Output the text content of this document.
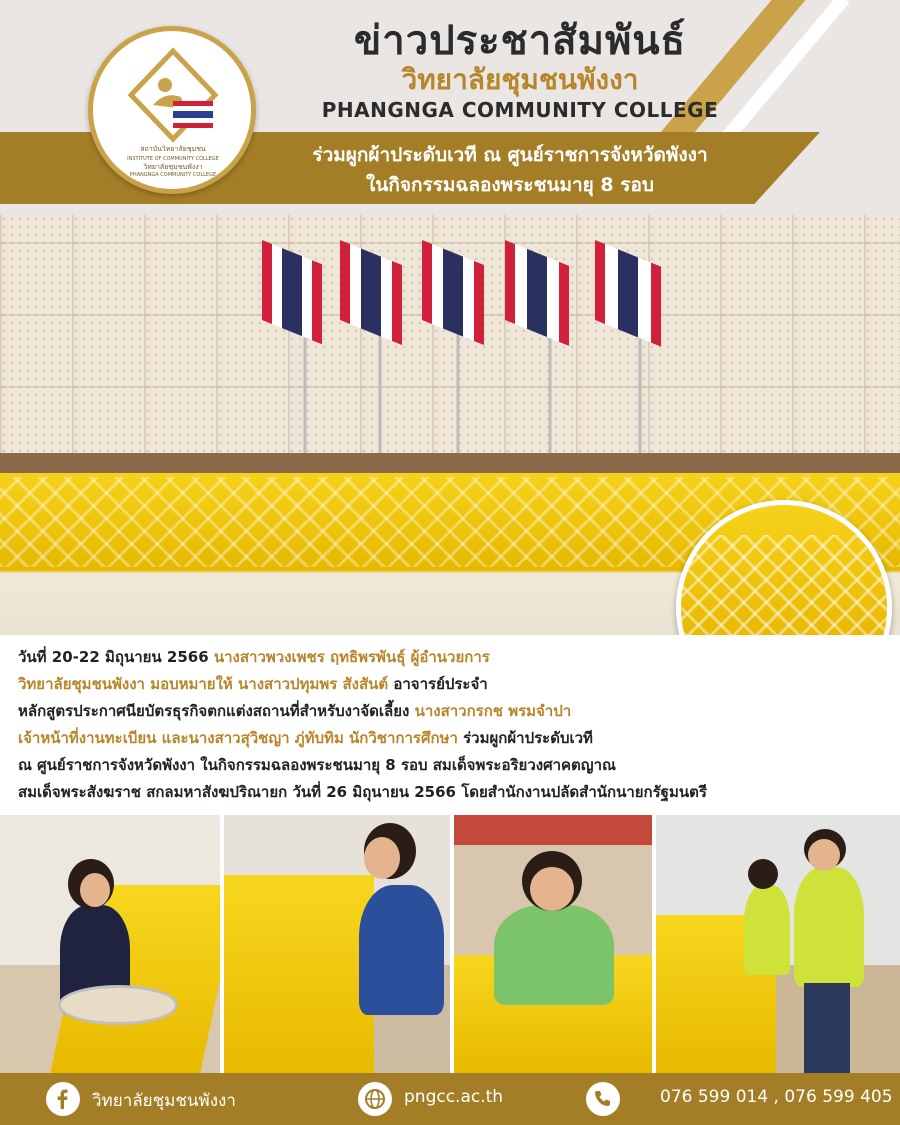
ข่าวประชาสัมพันธ์
วิทยาลัยชุมชนพังงา
PHANGNGA COMMUNITY COLLEGE
ร่วมผูกผ้าประดับเวที ณ ศูนย์ราชการจังหวัดพังงา
ในกิจกรรมฉลองพระชนมายุ 8 รอบ
สถาบันวิทยาลัยชุมชน
INSTITUTE OF COMMUNITY COLLEGE
วิทยาลัยชุมชนพังงา
PHANGNGA COMMUNITY COLLEGE
วันที่ 20-22 มิถุนายน 2566 นางสาวพวงเพชร ฤทธิพรพันธุ์ ผู้อำนวยการ
วิทยาลัยชุมชนพังงา มอบหมายให้ นางสาวปทุมพร สังสันต์ อาจารย์ประจำ
หลักสูตรประกาศนียบัตรธุรกิจตกแต่งสถานที่สำหรับงาจัดเลี้ยง นางสาวกรกช พรมจำปา
เจ้าหน้าที่งานทะเบียน และนางสาวสุวิชญา ภู่ทับทิม นักวิชาการศึกษา ร่วมผูกผ้าประดับเวที
ณ ศูนย์ราชการจังหวัดพังงา ในกิจกรรมฉลองพระชนมายุ 8 รอบ สมเด็จพระอริยวงศาคตญาณ
สมเด็จพระสังฆราช สกลมหาสังฆปริณายก วันที่ 26 มิถุนายน 2566 โดยสำนักงานปลัดสำนักนายกรัฐมนตรี
วิทยาลัยชุมชนพังงา	pngcc.ac.th	076 599 014 , 076 599 405
